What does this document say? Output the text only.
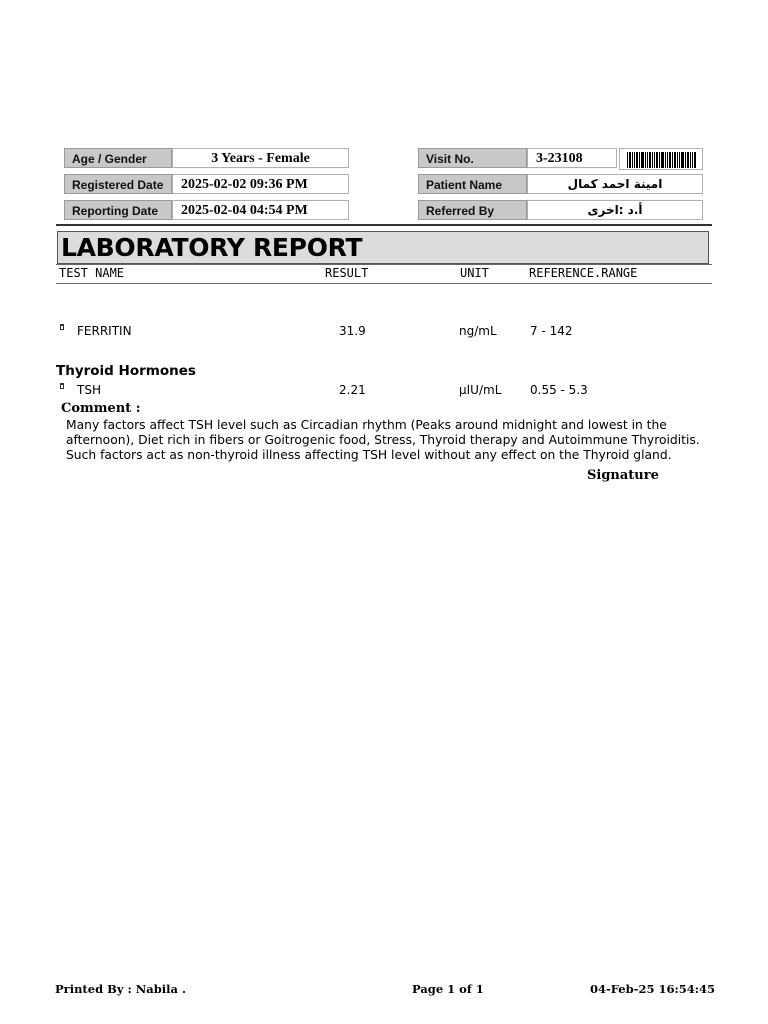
Age / Gender	3 Years - Female
Registered Date	2025-02-02 09:36 PM
Reporting Date	2025-02-04 04:54 PM
Visit No.	3-23108
Patient Name	امينة احمد كمال
Referred By	أ.د :اخرى
LABORATORY REPORT
TEST NAME	RESULT	UNIT	REFERENCE.RANGE
FERRITIN	31.9	ng/mL	7 - 142
Thyroid Hormones
TSH	2.21	µIU/mL 0.55 - 5.3
Comment :
Many factors affect TSH level such as Circadian rhythm (Peaks around midnight and lowest in the afternoon), Diet rich in fibers or Goitrogenic food, Stress, Thyroid therapy and Autoimmune Thyroiditis. Such factors act as non-thyroid illness affecting TSH level without any effect on the Thyroid gland.
Signature
Printed By : Nabila .	Page 1 of 1	04-Feb-25 16:54:45
